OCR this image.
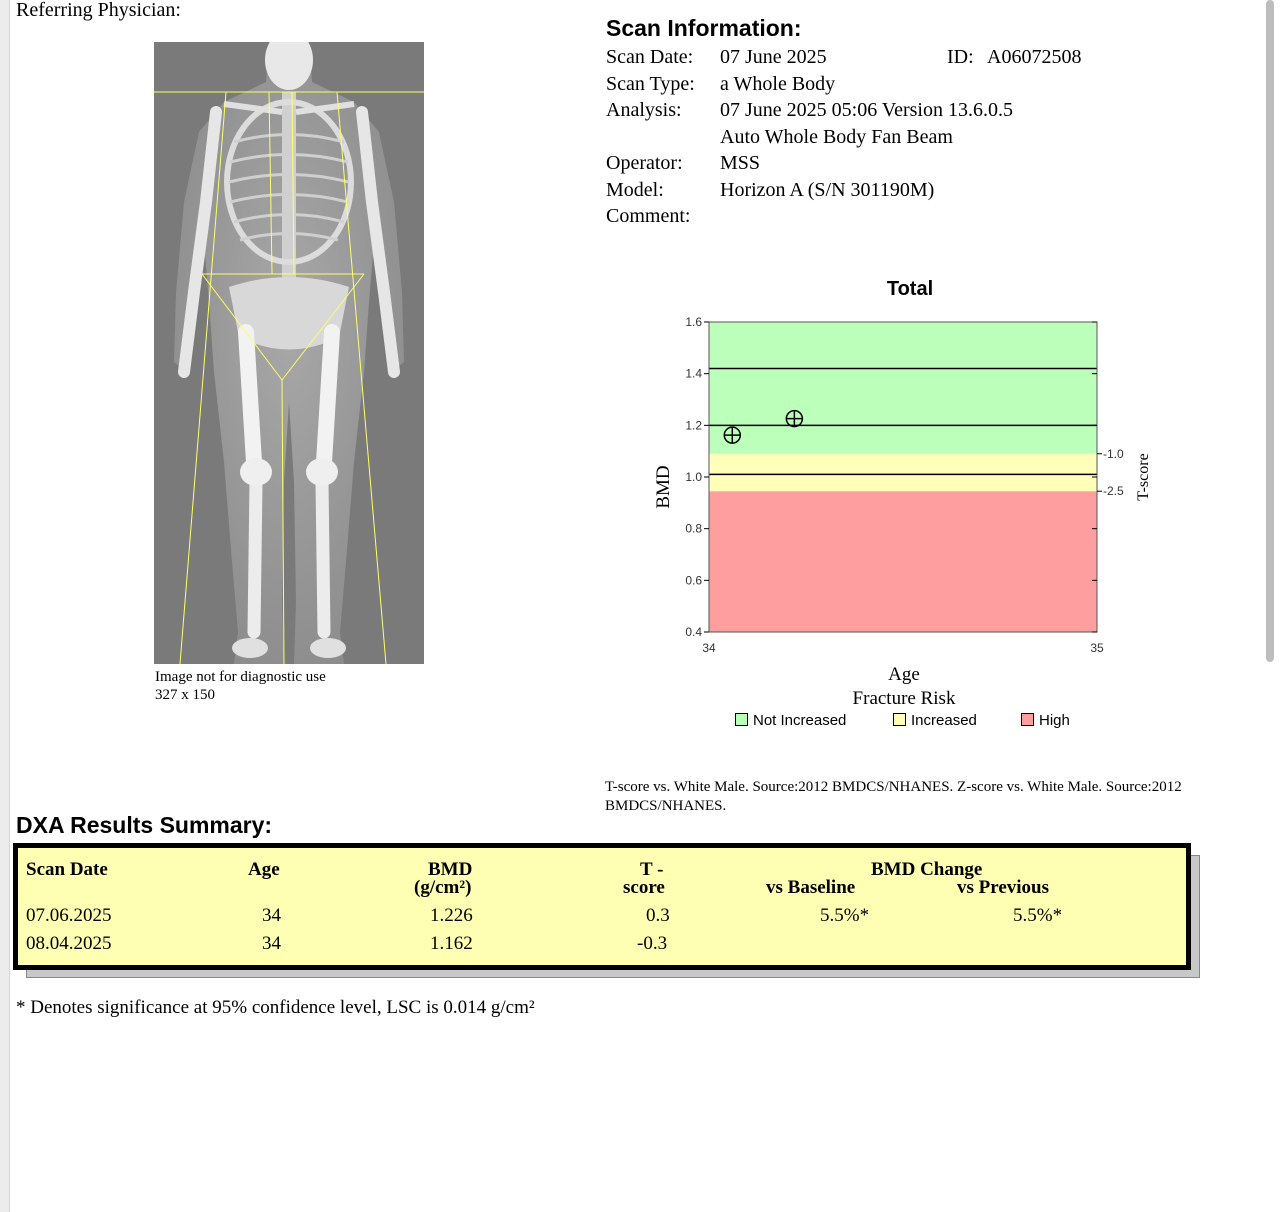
Referring Physician:
Image not for diagnostic use
327 x 150
Scan Information:
Scan Date: 07 June 2025	ID: A06072508
Scan Type: a Whole Body
Analysis: 07 June 2025 05:06 Version 13.6.0.5
Auto Whole Body Fan Beam
Operator: MSS
Model:	Horizon A (S/N 301190M)
Comment:
1.6
1.4
1.2
1.0
0.8
0.6
0.4
34	35
-1.0
-2.5
Total
BMD	T-score
Age
Fracture Risk
Not Increased	Increased	High
T-score vs. White Male. Source:2012 BMDCS/NHANES. Z-score vs. White Male. Source:2012 BMDCS/NHANES.
DXA Results Summary:
Scan Date	Age	BMD
(g/cm²)
T -
score
BMD Change
vs Baseline	vs Previous
07.06.2025	34	1.226	0.3	5.5%*	5.5%*
08.04.2025	34	1.162	-0.3
* Denotes significance at 95% confidence level, LSC is 0.014 g/cm²
